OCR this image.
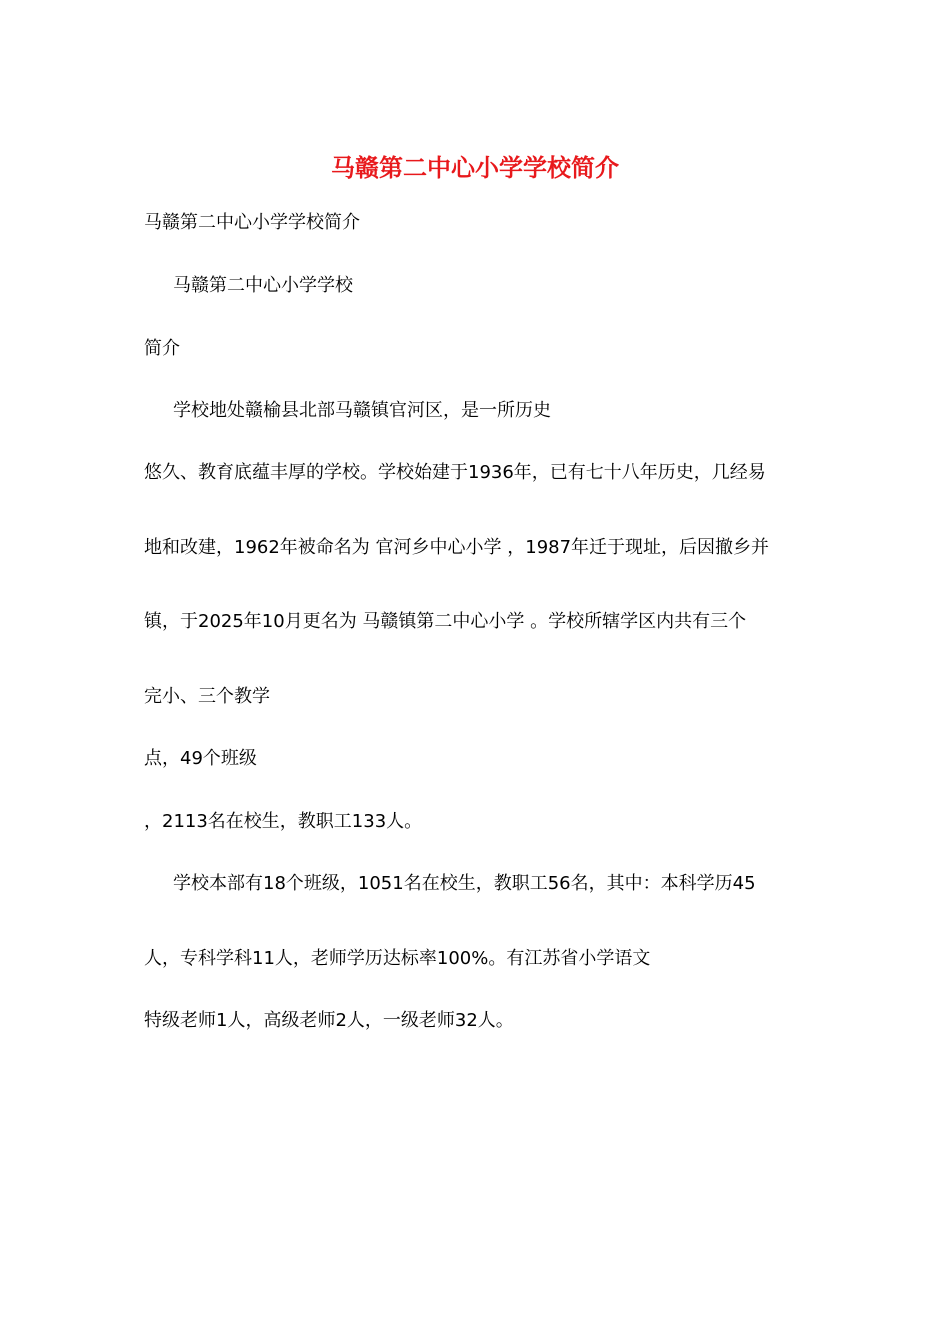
马赣第二中心小学学校简介

马赣第二中心小学学校简介

马赣第二中心小学学校

简介

学校地处赣榆县北部马赣镇官河区，是一所历史

悠久、教育底蕴丰厚的学校。学校始建于1936年，已有七十八年历史，几经易

地和改建，1962年被命名为 官河乡中心小学 ，1987年迁于现址，后因撤乡并

镇，于2025年10月更名为 马赣镇第二中心小学 。学校所辖学区内共有三个

完小、三个教学

点，49个班级

，2113名在校生，教职工133人。

学校本部有18个班级，1051名在校生，教职工56名，其中：本科学历45

人，专科学科11人，老师学历达标率100%。有江苏省小学语文

特级老师1人，高级老师2人，一级老师32人。
